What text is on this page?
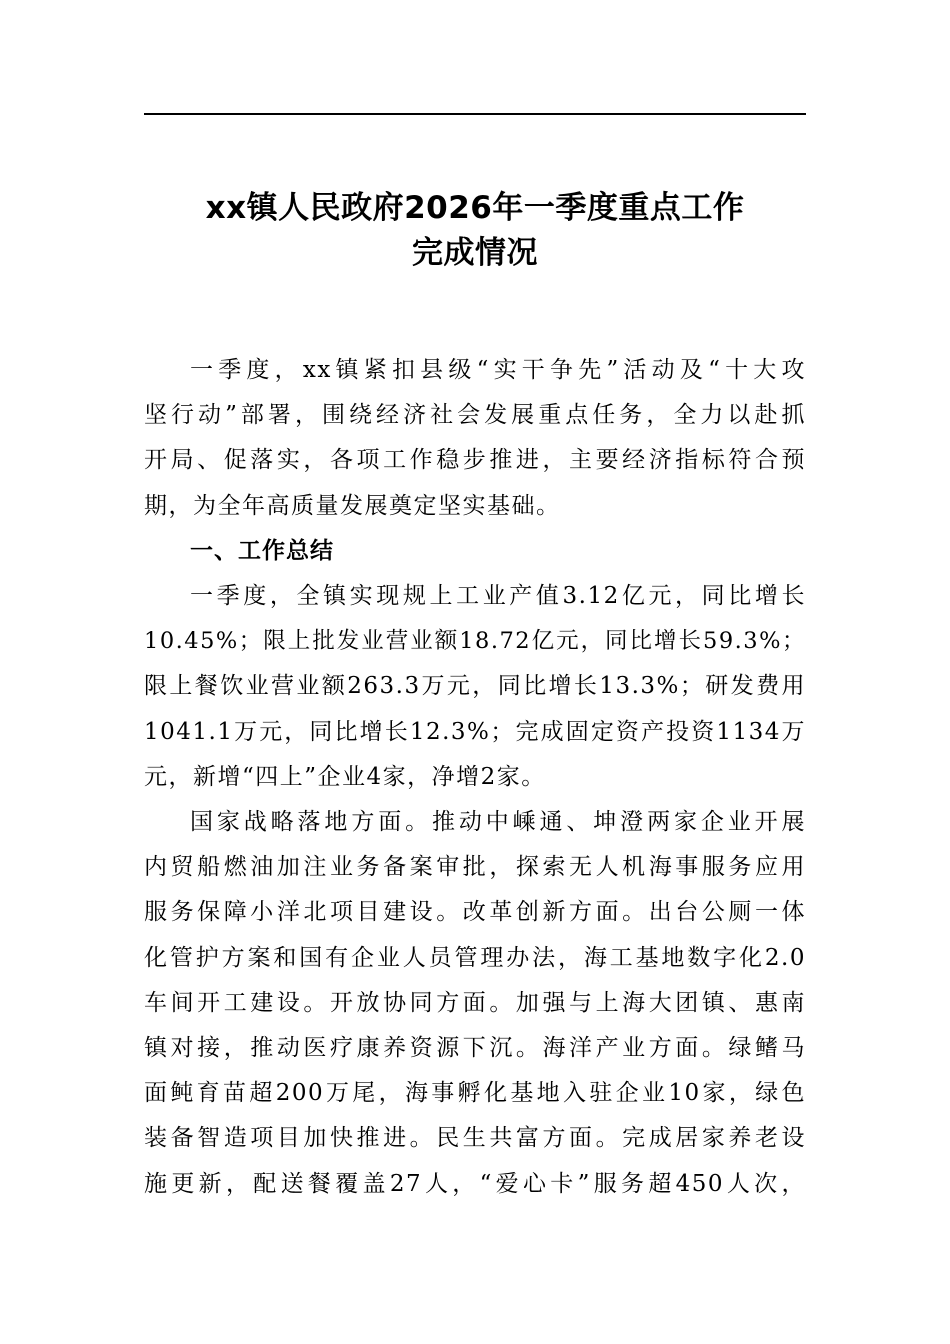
xx镇人民政府2026年一季度重点工作
完成情况
一季度，xx镇紧扣县级“实干争先”活动及“十大攻
坚行动”部署，围绕经济社会发展重点任务，全力以赴抓
开局、促落实，各项工作稳步推进，主要经济指标符合预
期，为全年高质量发展奠定坚实基础。
一、工作总结
一季度，全镇实现规上工业产值3.12亿元，同比增长
10.45%；限上批发业营业额18.72亿元，同比增长59.3%；
限上餐饮业营业额263.3万元，同比增长13.3%；研发费用
1041.1万元，同比增长12.3%；完成固定资产投资1134万
元，新增“四上”企业4家，净增2家。
国家战略落地方面。推动中嵊通、坤澄两家企业开展
内贸船燃油加注业务备案审批，探索无人机海事服务应用
服务保障小洋北项目建设。改革创新方面。出台公厕一体
化管护方案和国有企业人员管理办法，海工基地数字化2.0
车间开工建设。开放协同方面。加强与上海大团镇、惠南
镇对接，推动医疗康养资源下沉。海洋产业方面。绿鳍马
面鲀育苗超200万尾，海事孵化基地入驻企业10家，绿色
装备智造项目加快推进。民生共富方面。完成居家养老设
施更新，配送餐覆盖27人，“爱心卡”服务超450人次，
